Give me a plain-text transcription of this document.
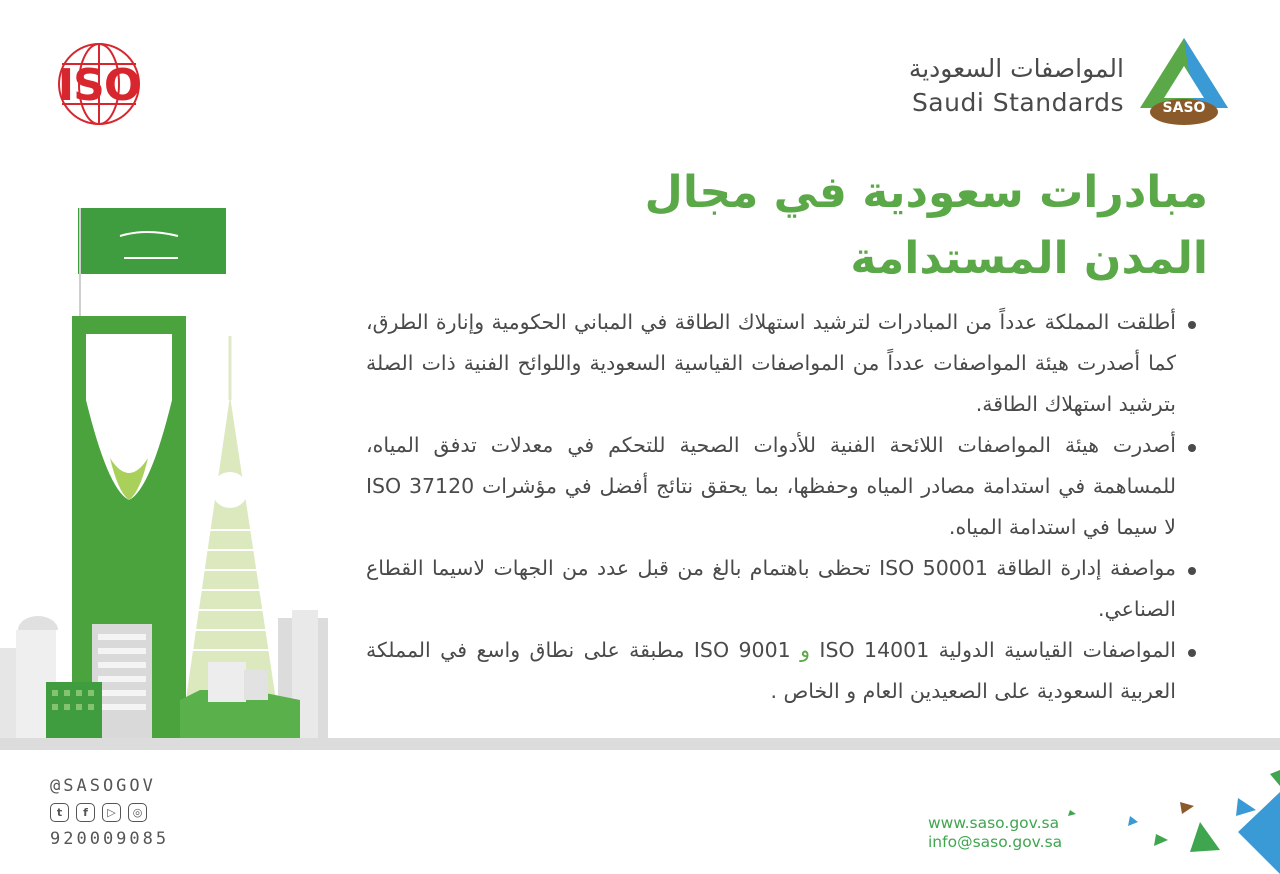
ISO	SASO
المواصفات السعودية
Saudi Standards
مبادرات سعودية في مجال
المدن المستدامة
أطلقت المملكة عدداً من المبادرات لترشيد استهلاك الطاقة في المباني الحكومية وإنارة الطرق، كما أصدرت هيئة المواصفات عدداً من المواصفات القياسية السعودية واللوائح الفنية ذات الصلة بترشيد استهلاك الطاقة.
أصدرت هيئة المواصفات اللائحة الفنية للأدوات الصحية للتحكم في معدلات تدفق المياه، للمساهمة في استدامة مصادر المياه وحفظها، بما يحقق نتائج أفضل في مؤشرات ISO 37120 لا سيما في استدامة المياه.
مواصفة إدارة الطاقة ISO 50001 تحظى باهتمام بالغ من قبل عدد من الجهات لاسيما القطاع الصناعي.
المواصفات القياسية الدولية ISO 14001 و ISO 9001 مطبقة على نطاق واسع في المملكة العربية السعودية على الصعيدين العام و الخاص .
@SASOGOV
t	f	▷	◎
920009085
www.saso.gov.sa
info@saso.gov.sa
